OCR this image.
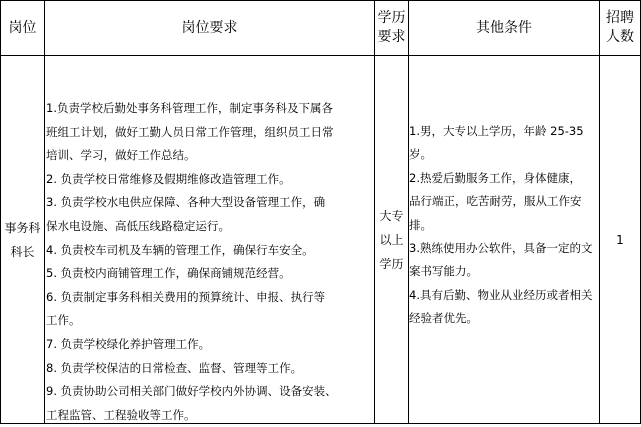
岗位	岗位要求
学历
要求
其他条件
招聘
人数
事务科
科长
1.负责学校后勤处事务科管理工作，制定事务科及下属各
班组工计划，做好工勤人员日常工作管理，组织员工日常
培训、学习，做好工作总结。
2. 负责学校日常维修及假期维修改造管理工作。
3. 负责学校水电供应保障、各种大型设备管理工作，确
保水电设施、高低压线路稳定运行。
4. 负责校车司机及车辆的管理工作，确保行车安全。
5. 负责校内商铺管理工作，确保商铺规范经营。
6. 负责制定事务科相关费用的预算统计、申报、执行等
工作。
7. 负责学校绿化养护管理工作。
8. 负责学校保洁的日常检查、监督、管理等工作。
9. 负责协助公司相关部门做好学校内外协调、设备安装、
工程监管、工程验收等工作。
大专
以上
学历
1.男，大专以上学历，年龄 25-35 岁。
2.热爱后勤服务工作，身体健康，
品行端正，吃苦耐劳，服从工作安排。
3.熟练使用办公软件，具备一定的文
案书写能力。
4.具有后勤、物业从业经历或者相关
经验者优先。
1
